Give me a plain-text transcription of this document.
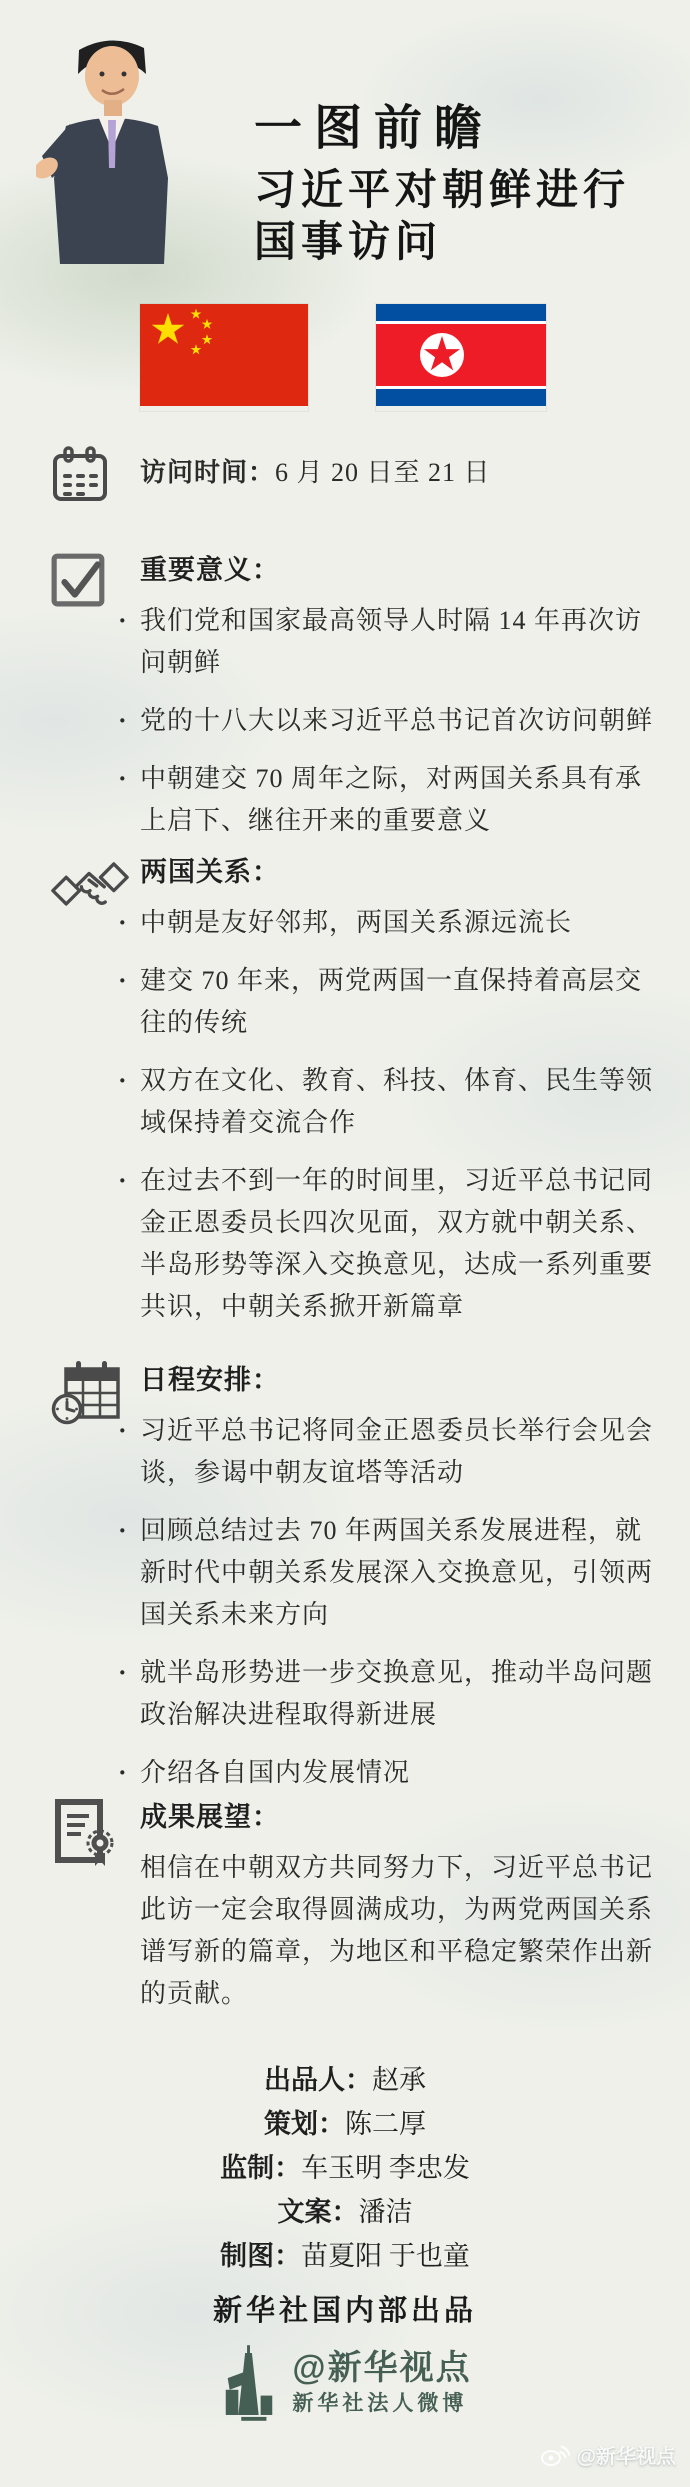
一图前瞻
习近平对朝鲜进行
国事访问
访问时间：6 月 20 日至 21 日
重要意义：
· 我们党和国家最高领导人时隔 14 年再次访问朝鲜
· 党的十八大以来习近平总书记首次访问朝鲜
· 中朝建交 70 周年之际，对两国关系具有承上启下、继往开来的重要意义
两国关系：
· 中朝是友好邻邦，两国关系源远流长
· 建交 70 年来，两党两国一直保持着高层交往的传统
· 双方在文化、教育、科技、体育、民生等领域保持着交流合作
· 在过去不到一年的时间里，习近平总书记同金正恩委员长四次见面，双方就中朝关系、半岛形势等深入交换意见，达成一系列重要共识，中朝关系掀开新篇章
日程安排：
· 习近平总书记将同金正恩委员长举行会见会谈，参谒中朝友谊塔等活动
· 回顾总结过去 70 年两国关系发展进程，就新时代中朝关系发展深入交换意见，引领两国关系未来方向
· 就半岛形势进一步交换意见，推动半岛问题政治解决进程取得新进展
· 介绍各自国内发展情况
成果展望：
相信在中朝双方共同努力下，习近平总书记此访一定会取得圆满成功，为两党两国关系谱写新的篇章，为地区和平稳定繁荣作出新的贡献。
出品人：赵承
策划：陈二厚
监制：车玉明 李忠发
文案：潘洁
制图：苗夏阳 于也童
新华社国内部出品
@新华视点
新华社法人微博
@新华视点
